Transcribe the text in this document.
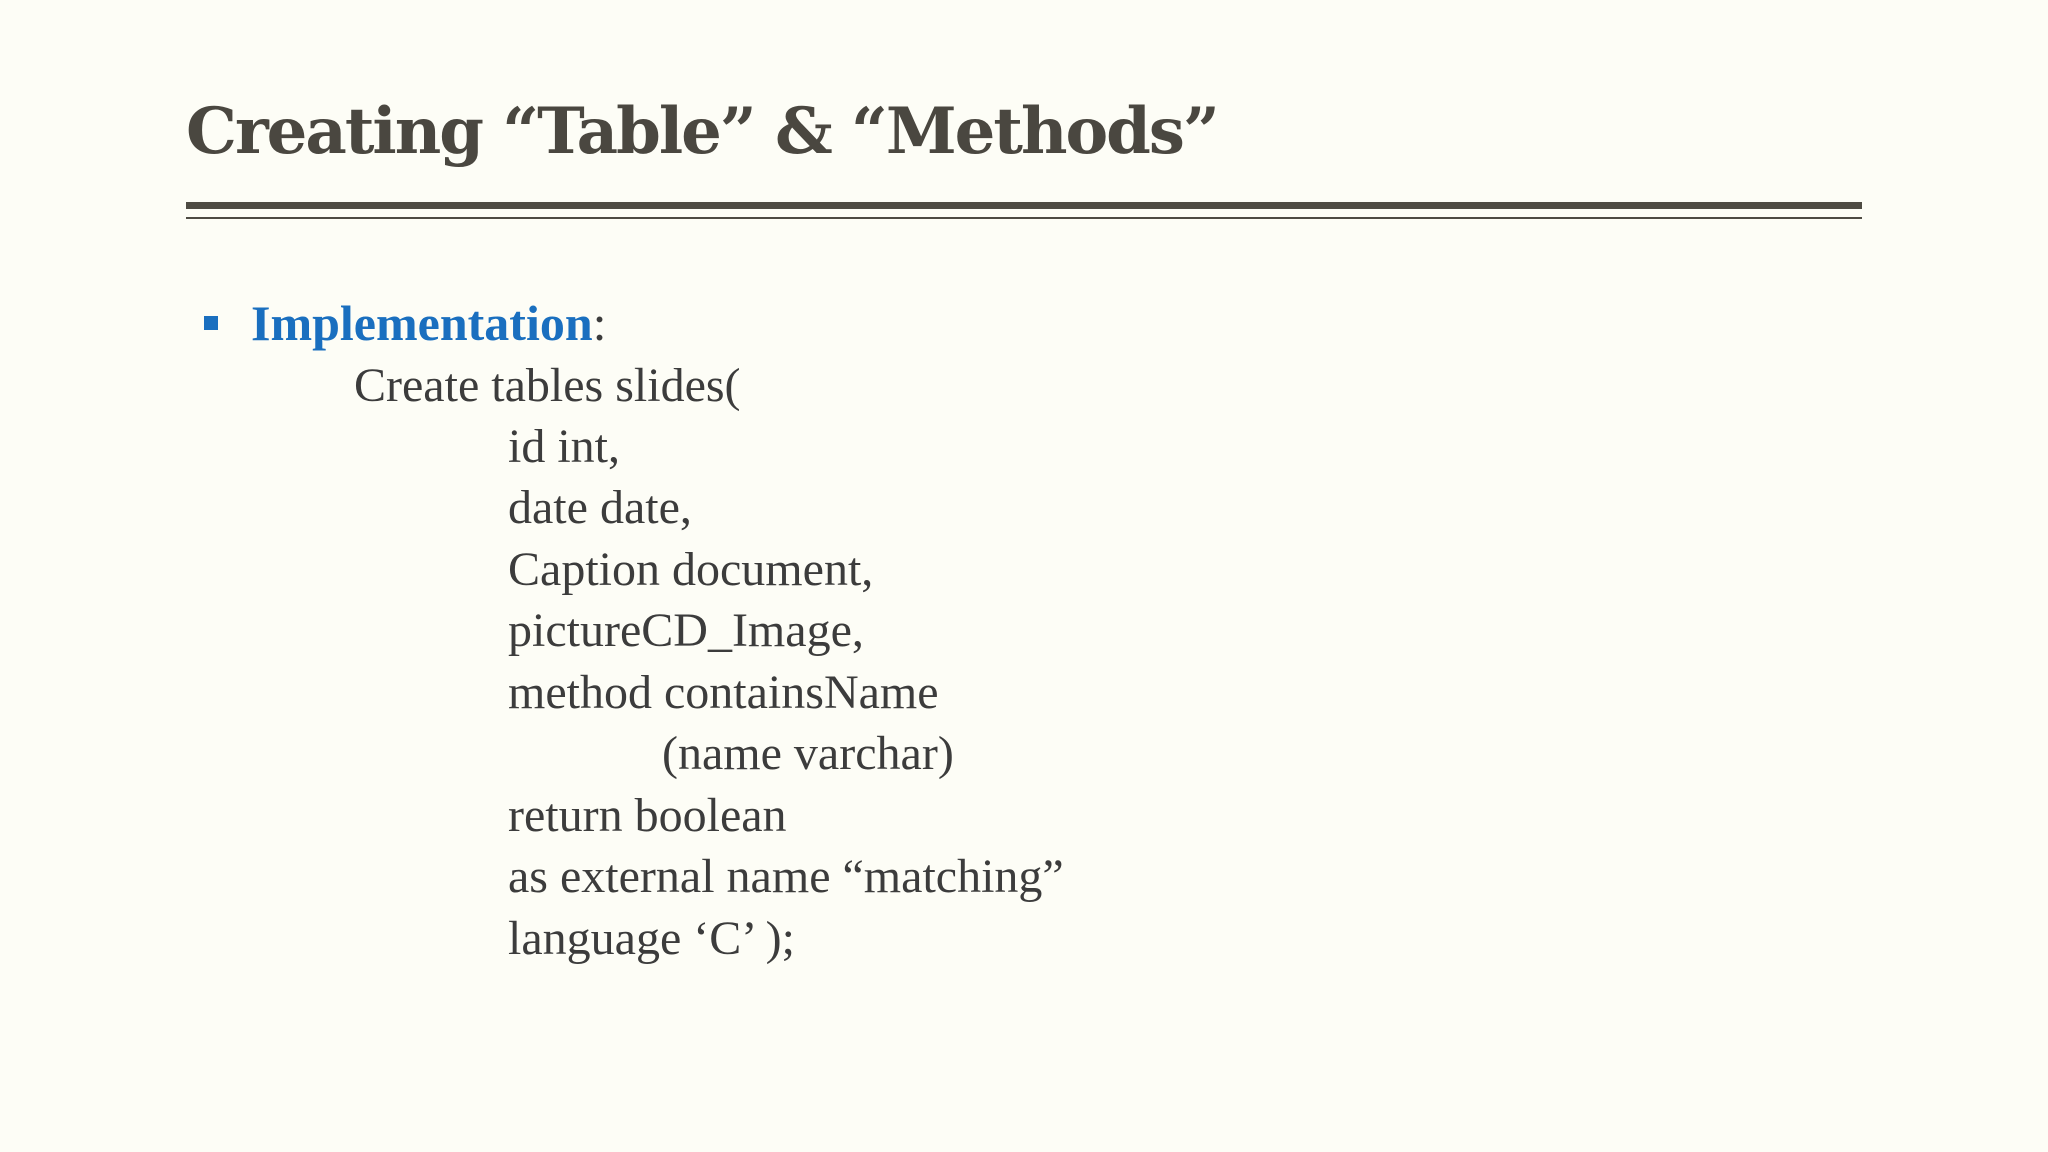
Creating “Table” & “Methods”
Implementation :
Create tables slides(
id int,
date date,
Caption document,
pictureCD_Image,
method containsName
(name varchar)
return boolean
as external name “matching”
language ‘C’ );
